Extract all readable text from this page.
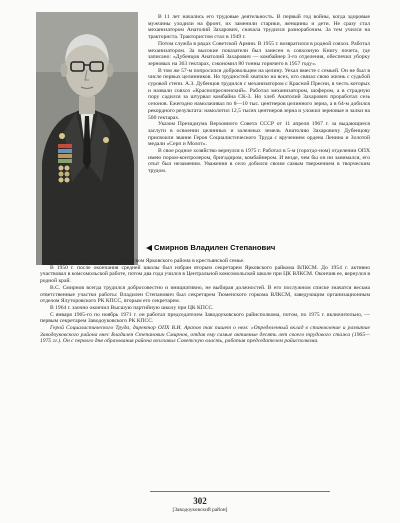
В 11 лет начались его трудовые деятельность. В первый год войны, когда здоровые мужчины уходили на фронт, их заменили старики, женщины и дети. Не сразу стал механизатором Анатолий Захарович, сначала трудился разнорабочим. За тем учился на тракториста. Трактористом стал в 1949 г.

Потом служба в рядах Советской Армии. В 1955 г. возвратился в родной совхоз. Работал механизатором. За высокие показатели был занесен в совхозную Книгу почета, где записано: «Дубенцов Анатолий Захарович — комбайнер 3-го отделения, обеспечил уборку зерновых на 363 гектарах, сэкономил 80 тонны горючего в 1957 году».

В том же 57-м попросился добровольцем на целину. Уехал вместе с семьей. Он не был в числе первых целинников. Но трудностей хватило на всех, кто связал свою жизнь с судьбой суровой степи. А.З. Дубенцов трудился с механизатором с Красной Пресни, в честь которых и назвали совхоз «Краснопресненский». Работал механизатором, шофером, а в страдную пору садился за штурвал комбайна СК-3. Но хлеб Анатолий Захарович проработал сезь сезонов. Ежегодно намолачивал по 8—10 тыс. центнеров целинного зерна, а в 64-м добился рекордного результата: намолотил 12,5 тысяч центнеров зерна и уложил зерновые и залки на 500 гектарах.

Указом Президиума Верховного Совета СССР от 11 апреля 1967 г. за выдающиеся заслуги в освоении целинных и залежных земель Анатолию Захаровичу Дубенцову присвоили звание Героя Социалистического Труда с вручением ордена Ленина и Золотой медали «Серп и Молот».

В свое родное хозяйство вернулся в 1975 г. Работал в 5-м (горотдо-ном) отделении ОПХ имею пором-контролером, бригадиром, комбайнером. И везде, чем бы он ни занимался, его отыт был незаменим. Уважения в село добился своим самым твержением в творческим трудом.

Смирнов Владилен Степанович

Родился 5 июня 1932 г. в с. Покровском Ярковского района в крестьянской семье.

В 1950 г. после окончания средней школы был избран вторым секретарем Ярковского райкома ВЛКСМ. До 1954 г. активно участвовал в комсомольской работе, потом два года учился в Центральной комсомольской школе при ЦК ВЛКСМ. Окончив ее, вернулся в родной край.

В.С. Смирнов всегда трудился добросовестно и инициативно, не выбирая должностей. В его послужном списке значатся весьма ответственные участки работы: Владилен Степанович был секретарем Тюменского горкома ВЛКСМ, заведующим организационным отделом Ялуторовского РК КПСС, вторым его секретарем.

В 1964 г. заочно окончил Высшую партийную школу при ЦК КПСС.

С января 1965-го по ноябрь 1971 г. он работал председателем Заводоуковского райисполкома, потом, по 1975 г. включительно, — первым секретарем Заводоуковского РК КПСС.

Герой Социалистического Труда, директор ОПХ В.И. Арапов так пишет о нем: «Определенный вклад в становление и развитие Заводоуковского района внес Владилен Степанович Смирнов, отдав ему самые активные десять лет своего трудового стажа (1965—1975 гг.). Он с первого дня образования района возглавил Советскую власть, работая председателем райисполкома.

302
[Заводоуковский район]
